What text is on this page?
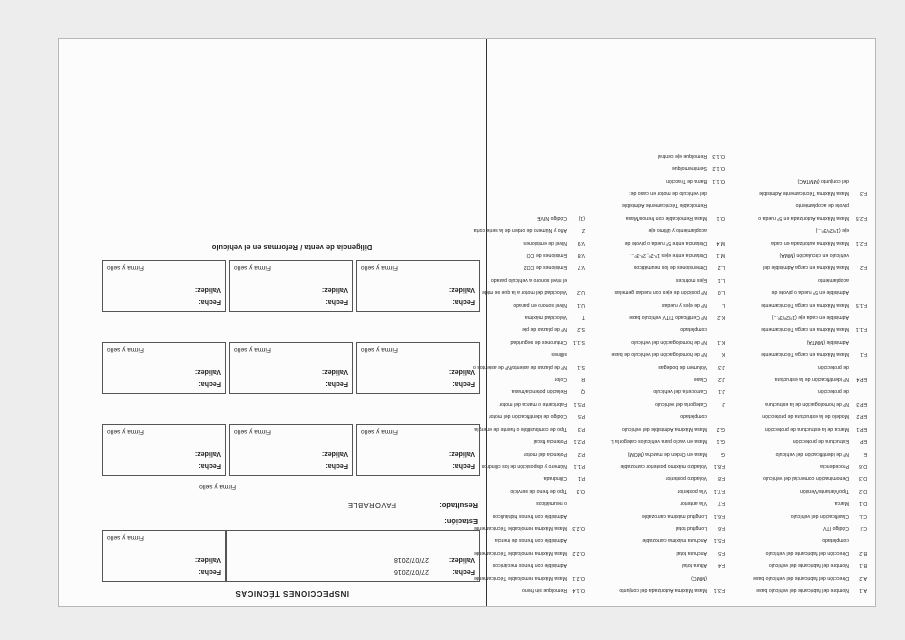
A.1Nombre del fabricante del vehículo base
A.2Dirección del fabricante del vehículo base
B.1Nombre del fabricante del vehículo
B.2Dirección del fabricante del vehículo
completado
C.ICódigo ITV
C.LClasificación del vehículo
D.1Marca
D.2Tipo/Variante/Versión
D.3Denominación comercial del vehículo
D.6Procedencia
ENº de identificación del vehículo
EPEstructura de protección
EP.1Marca de la estructura de protección
EP.2Modelo de la estructura de protección
EP.3Nº de homologación de la estructura
de protección
EP.4Nº identificación de la estructura
de protección
F.1Masa Máxima en carga Técnicamente
Admisible (MMTA)
F.1.1Masa Máxima en carga Técnicamente
Admisible en cada eje (1º/2º/3º...)
F.1.5Masa Máxima en carga Técnicamente
Admisible en 5º rueda o pivote de
acoplamiento
F.2Masa Máxima en carga Admisible del
vehículo en circulación (MMA)
F.2.1Masa Máxima autorizada en cada
eje (1º/2º/3º...)
F.2.5Masa Máxima Autorizada en 5º rueda o
pivote de acoplamiento
F.3Masa Máxima Técnicamente Admisible
del conjunto (MMTAC)
F.3.1Masa Máxima Autorizada del conjunto
(MMC)
F.4Altura total
F.5Anchura total
F.5.1Anchura máxima carrozable
F.6Longitud total
F.6.1Longitud máxima carrozable
F.7Vía anterior
F.7.1Vía posterior
F.8Voladizo posterior
F.8.1Voladizo máximo posterior carrozable
GMasa en Orden de marcha (MOM)
G.1Masa en vacío para vehículos categoría L
G.2Masa Máxima Admisible del vehículo
completado
JCategoría del vehículo
J.1Carrocería del vehículo
J.2Clase
J.3Volumen de bodegas
KNº de homologación del vehículo de base
K.1Nº de homologación del vehículo
completado
K.2Nº Certificado TITV vehículo base
LNº de ejes y ruedas
L.0Nº posición de ejes con ruedas gemelas
L.1Ejes motrices
L.2Dimensiones de los neumáticos
M.1Distancia entre ejes 1º-2º, 2º-3º...
M.4Distancia entre 5º rueda o pivote de
acoplamiento y último eje
O.1Masa Remolcable con frenos/Masa
Remolcable Técnicamente Admisible
del vehículo de motor en caso de:
O.1.1Barra de Tracción
O.1.2Semirremolque
O.1.3Remolque eje central
O.1.4Remolque sin freno
O.2.1Masa Máxima remolcable Técnicamente
Admisible con frenos mecánicos
O.2.2Masa Máxima remolcable Técnicamente
Admisible con frenos de inercia
O.2.3Masa Máxima remolcable Técnicamente
Admisible con frenos hidráulicos
o neumáticos
O.3Tipo de freno de servicio
P.1Cilindrada
P.1.1Número y disposición de los cilindros
P.2Potencia del motor
P.2.1Potencia fiscal
P.3Tipo de combustible o fuente de energía
P.5Código de identificación del motor
P.5.1Fabricante o marca del motor
QRelación potencia/masa
RColor
S.1Nº de plazas de asiento/Nº de asientos o
sillines
S.1.1Cinturones de seguridad
S.2Nº de plazas de pie
TVelocidad máxima
U.1Nivel sonoro en parado
U.2Velocidad del motor a la que se mide
el nivel sonoro a vehículo parado
V.7Emisiones de CO2
V.8Emisiones de CO
V.9Nivel de emisiones
ZAño y Número de orden de la serie corta
(1)Código NIVE
INSPECCIONES TÉCNICAS
Fecha:
27/07/2016
Validez:
27/07/2018
Fecha:
Validez:
Firma y sello
Estación:
Resultado:
FAVORABLE
Firma y sello
Fecha:
Validez:
Firma y sello
Fecha:
Validez:
Firma y sello
Fecha:
Validez:
Firma y sello
Fecha:
Validez:
Firma y sello
Fecha:
Validez:
Firma y sello
Fecha:
Validez:
Firma y sello
Fecha:
Validez:
Firma y sello
Fecha:
Validez:
Firma y sello
Fecha:
Validez:
Firma y sello
Diligencia de venta / Reformas en el vehículo
